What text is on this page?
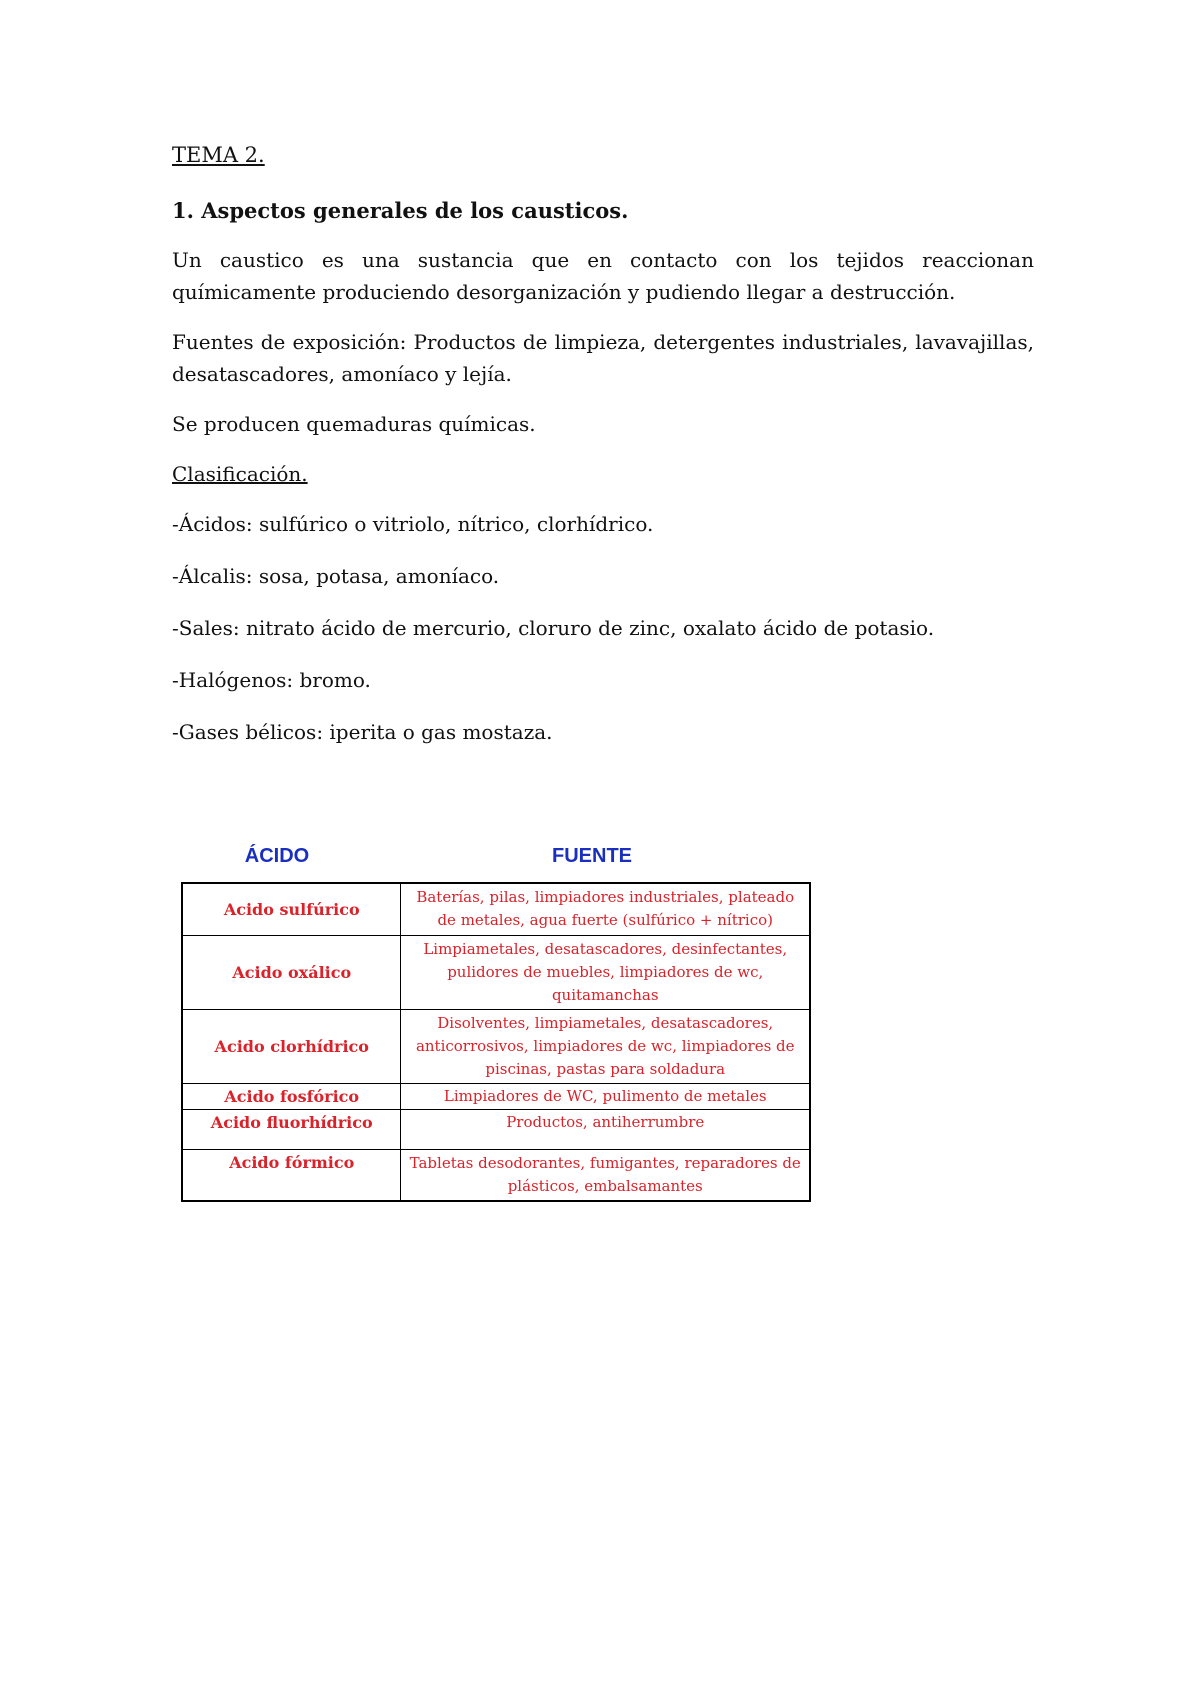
TEMA 2.
1. Aspectos generales de los causticos.
Un caustico es una sustancia que en contacto con los tejidos reaccionan químicamente produciendo desorganización y pudiendo llegar a destrucción.
Fuentes de exposición: Productos de limpieza, detergentes industriales, lavavajillas, desatascadores, amoníaco y lejía.
Se producen quemaduras químicas.
Clasificación.
-Ácidos: sulfúrico o vitriolo, nítrico, clorhídrico.
-Álcalis: sosa, potasa, amoníaco.
-Sales: nitrato ácido de mercurio, cloruro de zinc, oxalato ácido de potasio.
-Halógenos: bromo.
-Gases bélicos: iperita o gas mostaza.
ÁCIDO	FUENTE
Acido sulfúrico	Baterías, pilas, limpiadores industriales, plateado de metales, agua fuerte (sulfúrico + nítrico)
Acido oxálico	Limpiametales, desatascadores, desinfectantes, pulidores de muebles, limpiadores de wc, quitamanchas
Acido clorhídrico	Disolventes, limpiametales, desatascadores, anticorrosivos, limpiadores de wc, limpiadores de piscinas, pastas para soldadura
Acido fosfórico	Limpiadores de WC, pulimento de metales
Acido fluorhídrico	Productos, antiherrumbre
Acido fórmico	Tabletas desodorantes, fumigantes, reparadores de plásticos, embalsamantes
